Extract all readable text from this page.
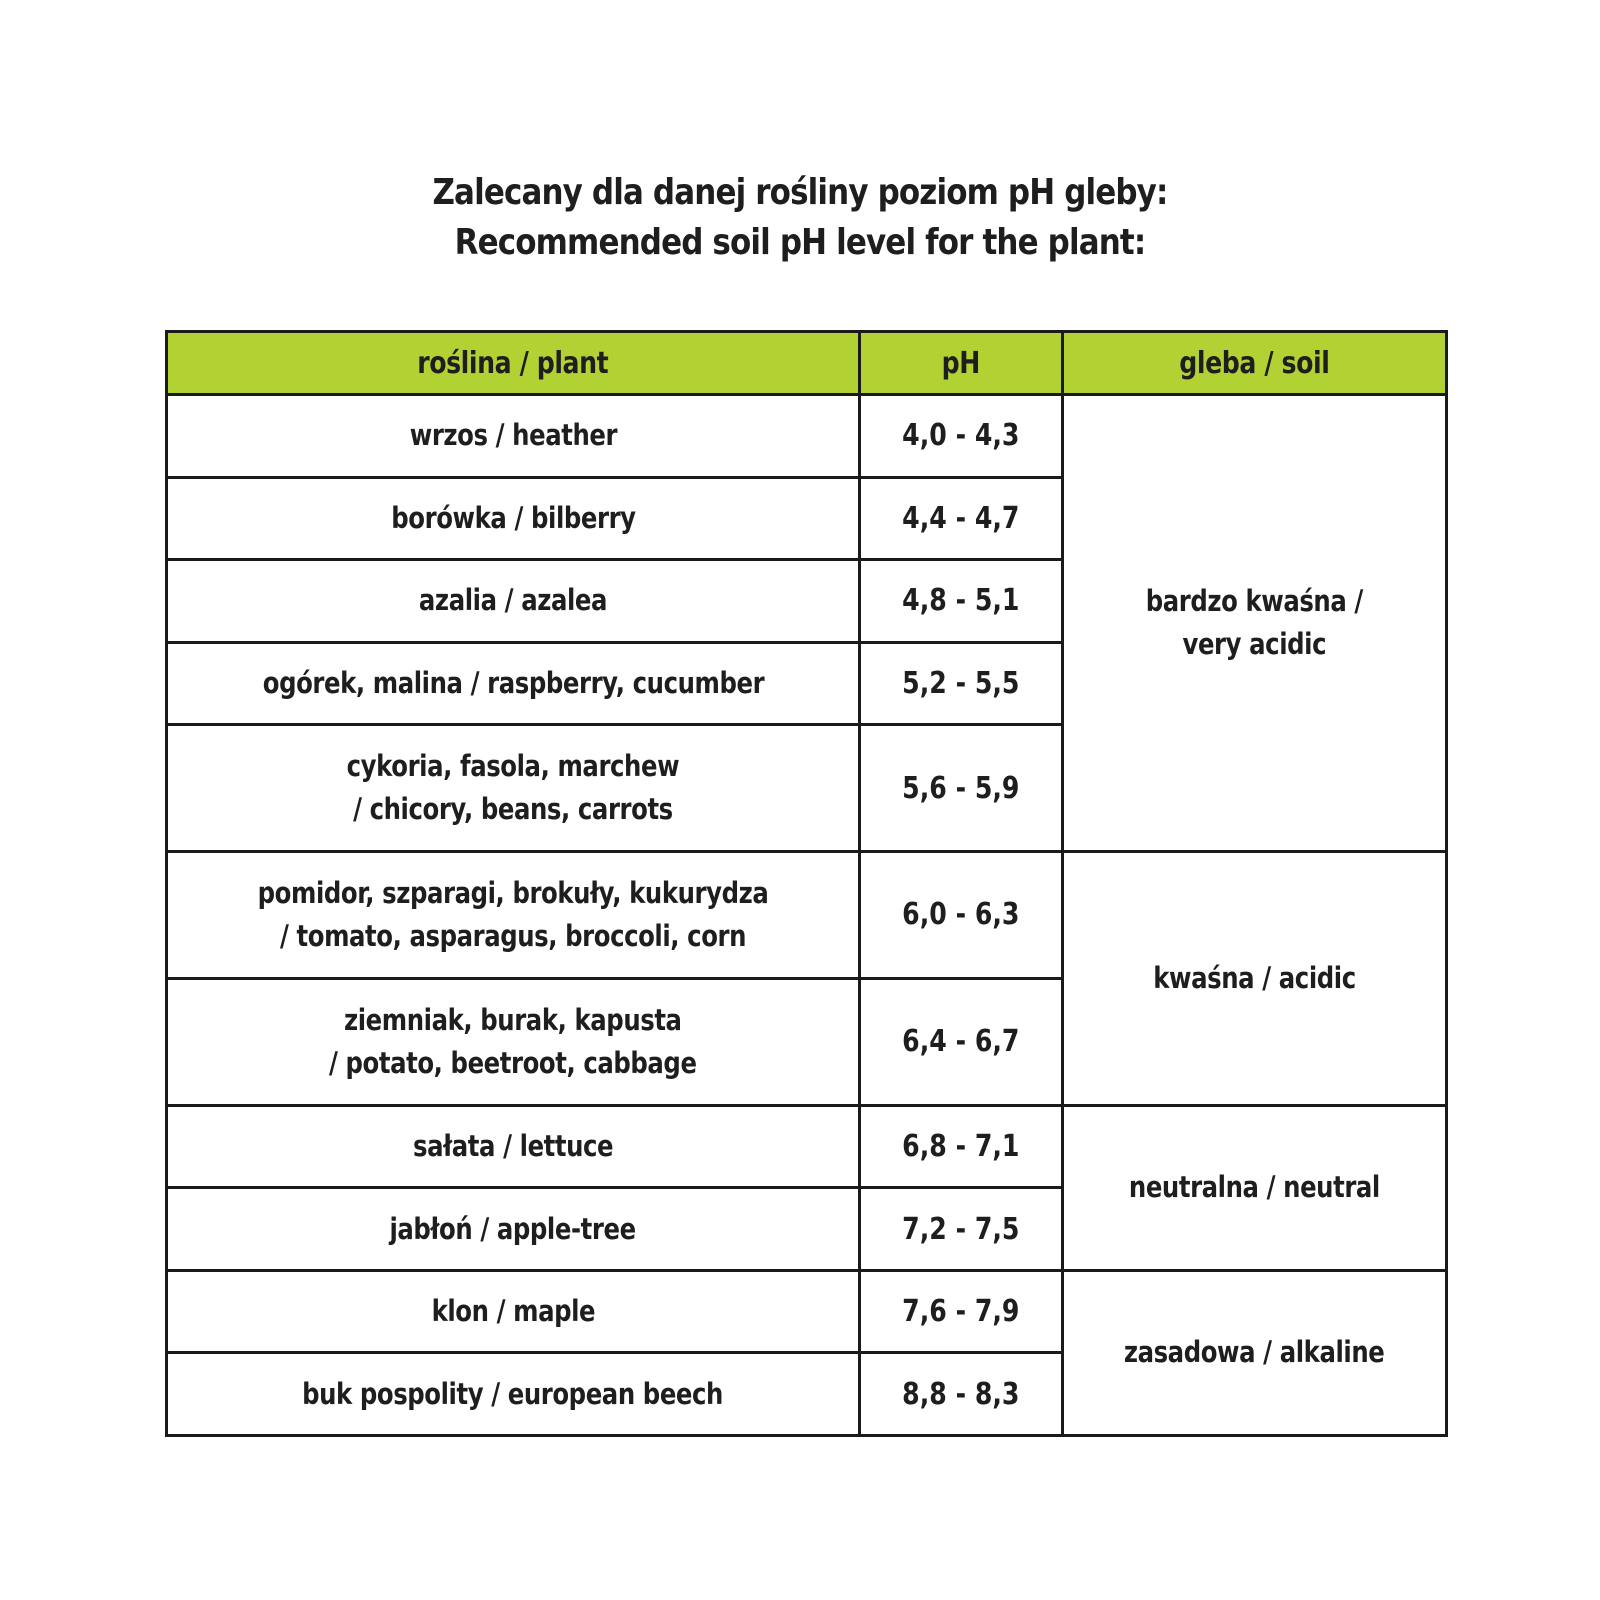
Zalecany dla danej rośliny poziom pH gleby:
Recommended soil pH level for the plant:
roślina / plant	pH	gleba / soil

wrzos / heather	4,0 - 4,3	bardzo kwaśna /
very acidic

borówka / bilberry	4,4 - 4,7	

azalia / azalea	4,8 - 5,1	

ogórek, malina / raspberry, cucumber	5,2 - 5,5	

cykoria, fasola, marchew
/ chicory, beans, carrots	5,6 - 5,9	

pomidor, szparagi, brokuły, kukurydza
/ tomato, asparagus, broccoli, corn	6,0 - 6,3	kwaśna / acidic

ziemniak, burak, kapusta
/ potato, beetroot, cabbage	6,4 - 6,7	

sałata / lettuce	6,8 - 7,1	neutralna / neutral

jabłoń / apple-tree	7,2 - 7,5	

klon / maple	7,6 - 7,9	zasadowa / alkaline

buk pospolity / european beech	8,8 - 8,3	
